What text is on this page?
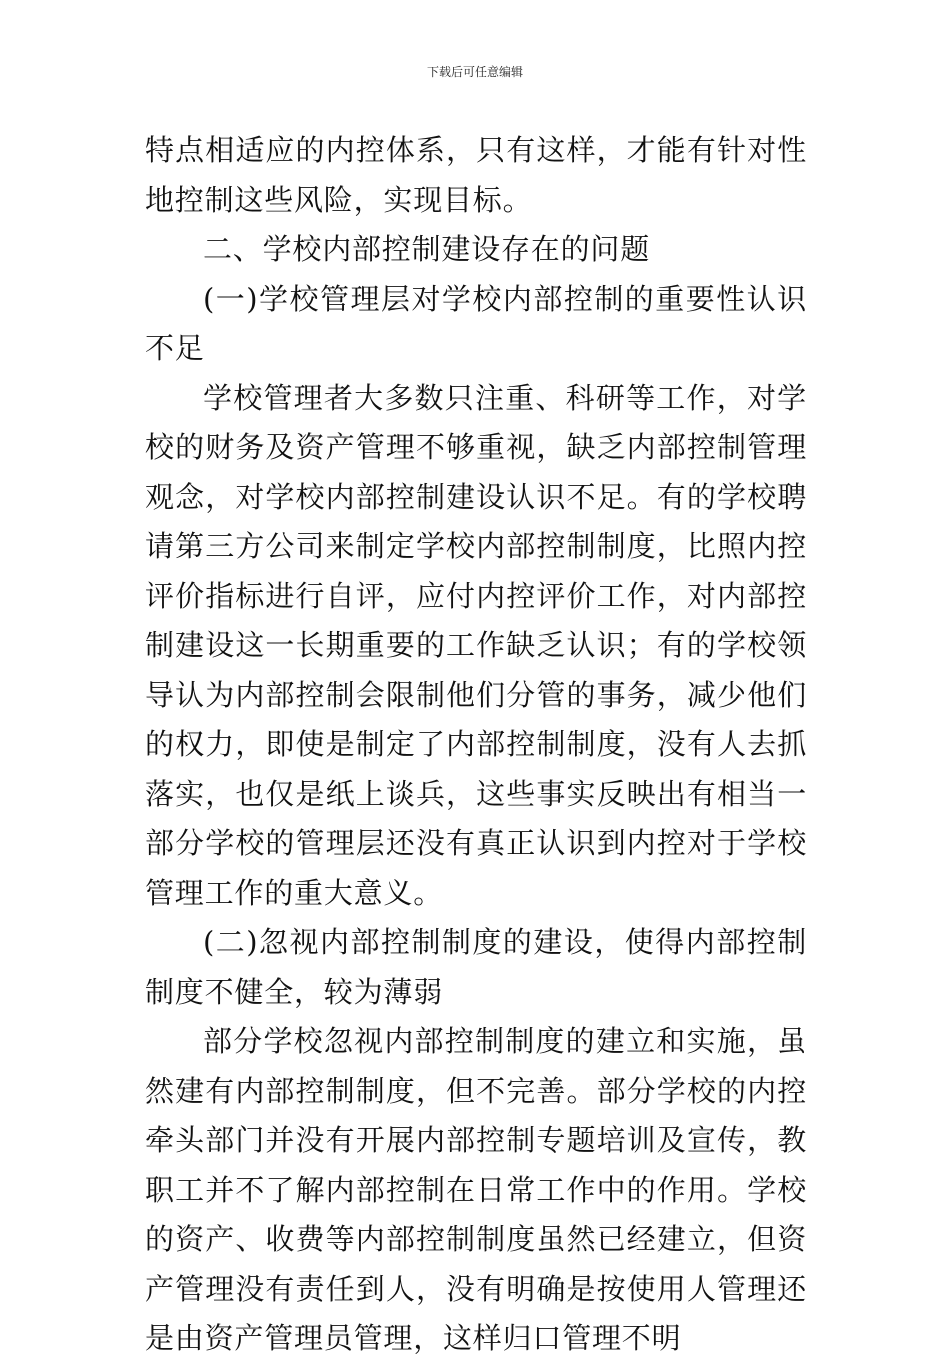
下载后可任意编辑

特点相适应的内控体系，只有这样，才能有针对性地控制这些风险，实现目标。

二、学校内部控制建设存在的问题

(一)学校管理层对学校内部控制的重要性认识不足

学校管理者大多数只注重、科研等工作，对学校的财务及资产管理不够重视，缺乏内部控制管理观念，对学校内部控制建设认识不足。有的学校聘请第三方公司来制定学校内部控制制度，比照内控评价指标进行自评，应付内控评价工作，对内部控制建设这一长期重要的工作缺乏认识；有的学校领导认为内部控制会限制他们分管的事务，减少他们的权力，即使是制定了内部控制制度，没有人去抓落实，也仅是纸上谈兵，这些事实反映出有相当一部分学校的管理层还没有真正认识到内控对于学校管理工作的重大意义。

(二)忽视内部控制制度的建设，使得内部控制制度不健全，较为薄弱

部分学校忽视内部控制制度的建立和实施，虽然建有内部控制制度，但不完善。部分学校的内控牵头部门并没有开展内部控制专题培训及宣传，教职工并不了解内部控制在日常工作中的作用。学校的资产、收费等内部控制制度虽然已经建立，但资产管理没有责任到人，没有明确是按使用人管理还是由资产管理员管理，这样归口管理不明
